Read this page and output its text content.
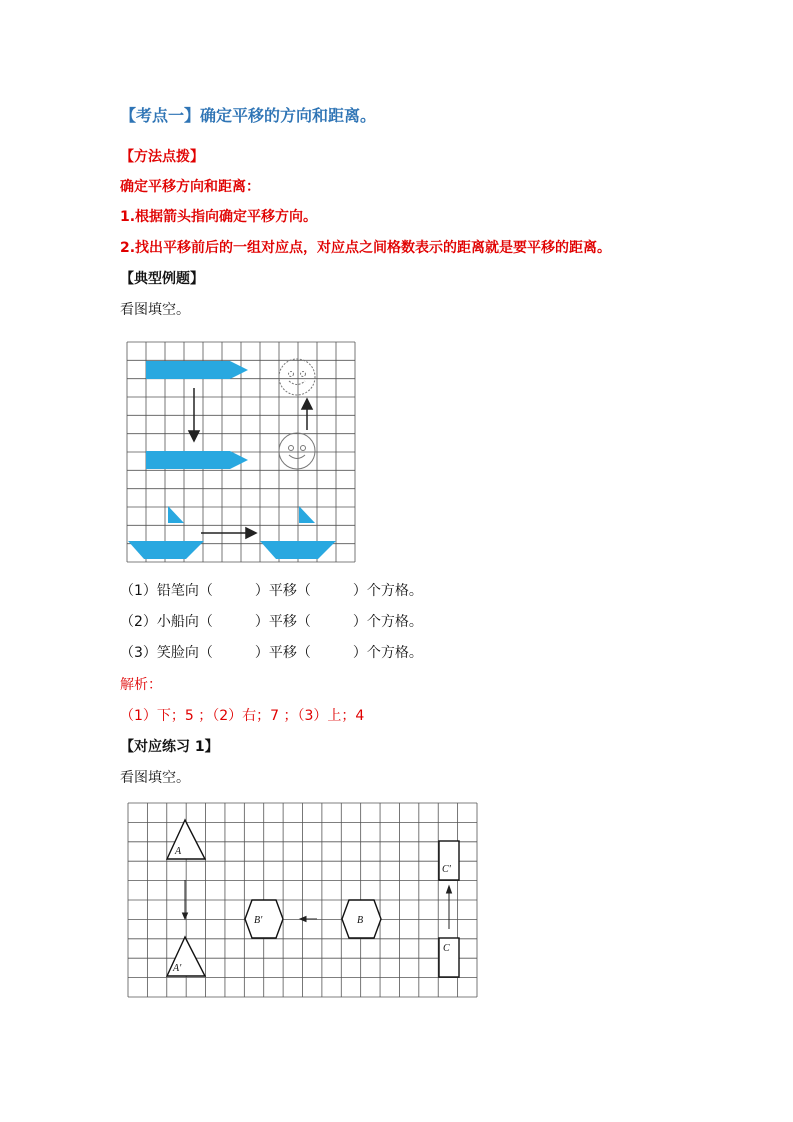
【考点一】确定平移的方向和距离。
【方法点拨】
确定平移方向和距离：
1.根据箭头指向确定平移方向。
2.找出平移前后的一组对应点，对应点之间格数表示的距离就是要平移的距离。
【典型例题】
看图填空。
（1）铅笔向（　　　）平移（　　　）个方格。
（2）小船向（　　　）平移（　　　）个方格。
（3）笑脸向（　　　）平移（　　　）个方格。
解析：
（1）下；5 ；（2）右；7 ；（3）上；4
【对应练习 1】
看图填空。
A
A'
B
B'
C
C'
